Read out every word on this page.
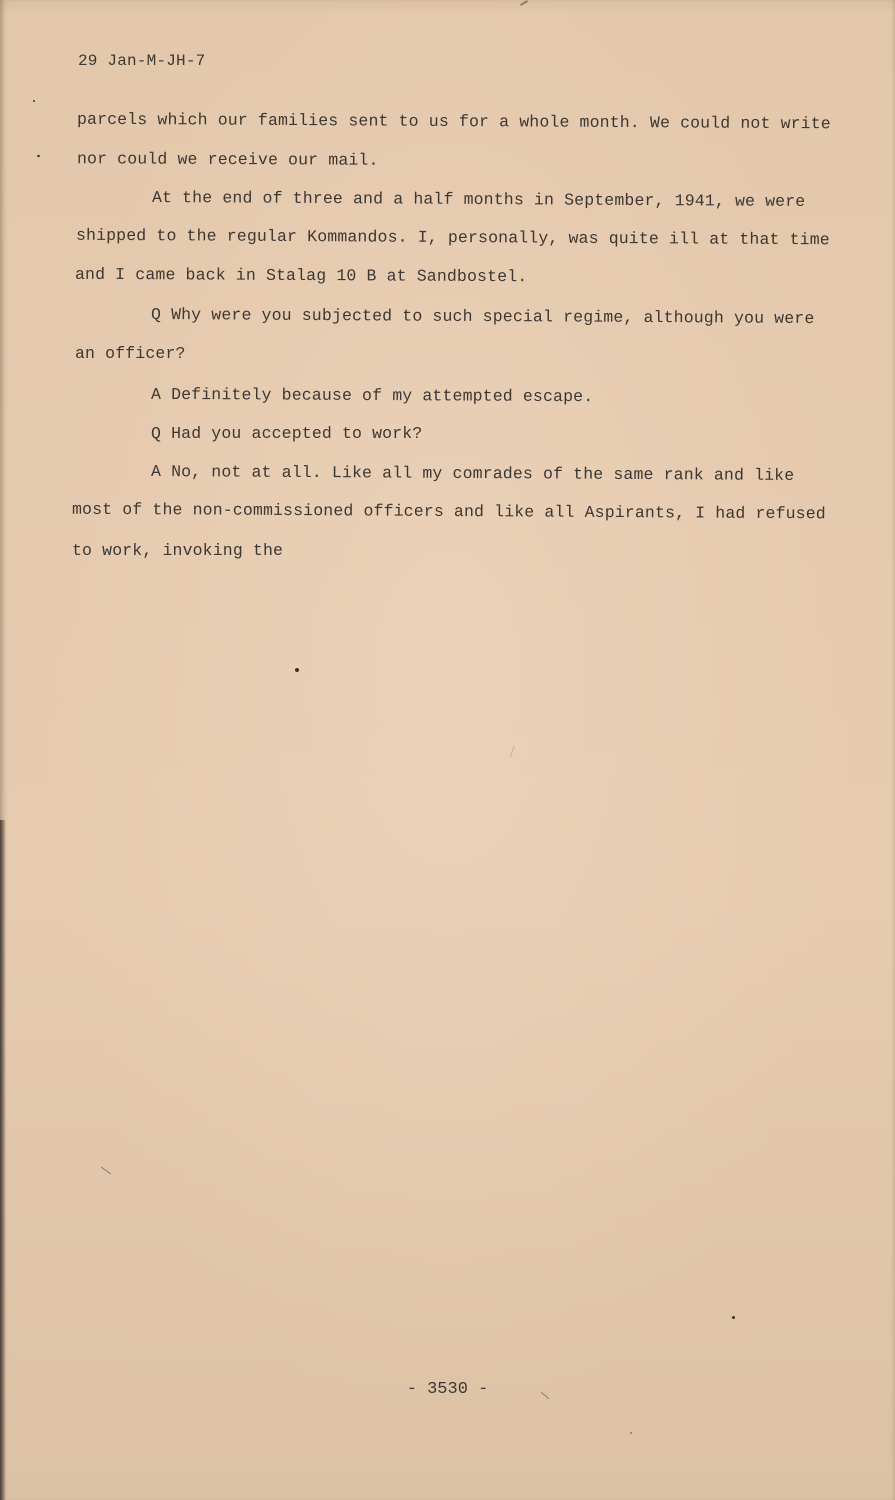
29 Jan-M-JH-7
parcels which our families sent to us for a whole month. We could not write
nor could we receive our mail.
At the end of three and a half months in September, 1941, we were
shipped to the regular Kommandos. I, personally, was quite ill at that time
and I came back in Stalag 10 B at Sandbostel.
Q Why were you subjected to such special regime, although you were
an officer?
A Definitely because of my attempted escape.
Q Had you accepted to work?
A No, not at all. Like all my comrades of the same rank and like
most of the non-commissioned officers and like all Aspirants, I had refused
to work, invoking the
- 3530 -
